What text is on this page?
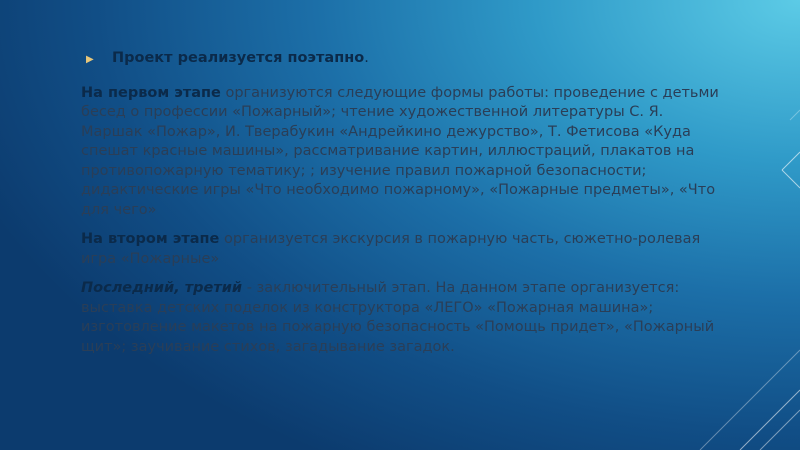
▶ Проект реализуется поэтапно.

На первом этапе организуются следующие формы работы: проведение с детьми бесед о профессии «Пожарный»; чтение художественной литературы С. Я. Маршак «Пожар», И. Тверабукин «Андрейкино дежурство», Т. Фетисова «Куда спешат красные машины», рассматривание картин, иллюстраций, плакатов на противопожарную тематику; ; изучение правил пожарной безопасности; дидактические игры «Что необходимо пожарному», «Пожарные предметы», «Что для чего»

На втором этапе организуется экскурсия в пожарную часть, сюжетно-ролевая игра «Пожарные»

Последний, третий - заключительный этап. На данном этапе организуется: выставка детских поделок из конструктора «ЛЕГО» «Пожарная машина»; изготовление макетов на пожарную безопасность «Помощь придет», «Пожарный щит»; заучивание стихов, загадывание загадок.
